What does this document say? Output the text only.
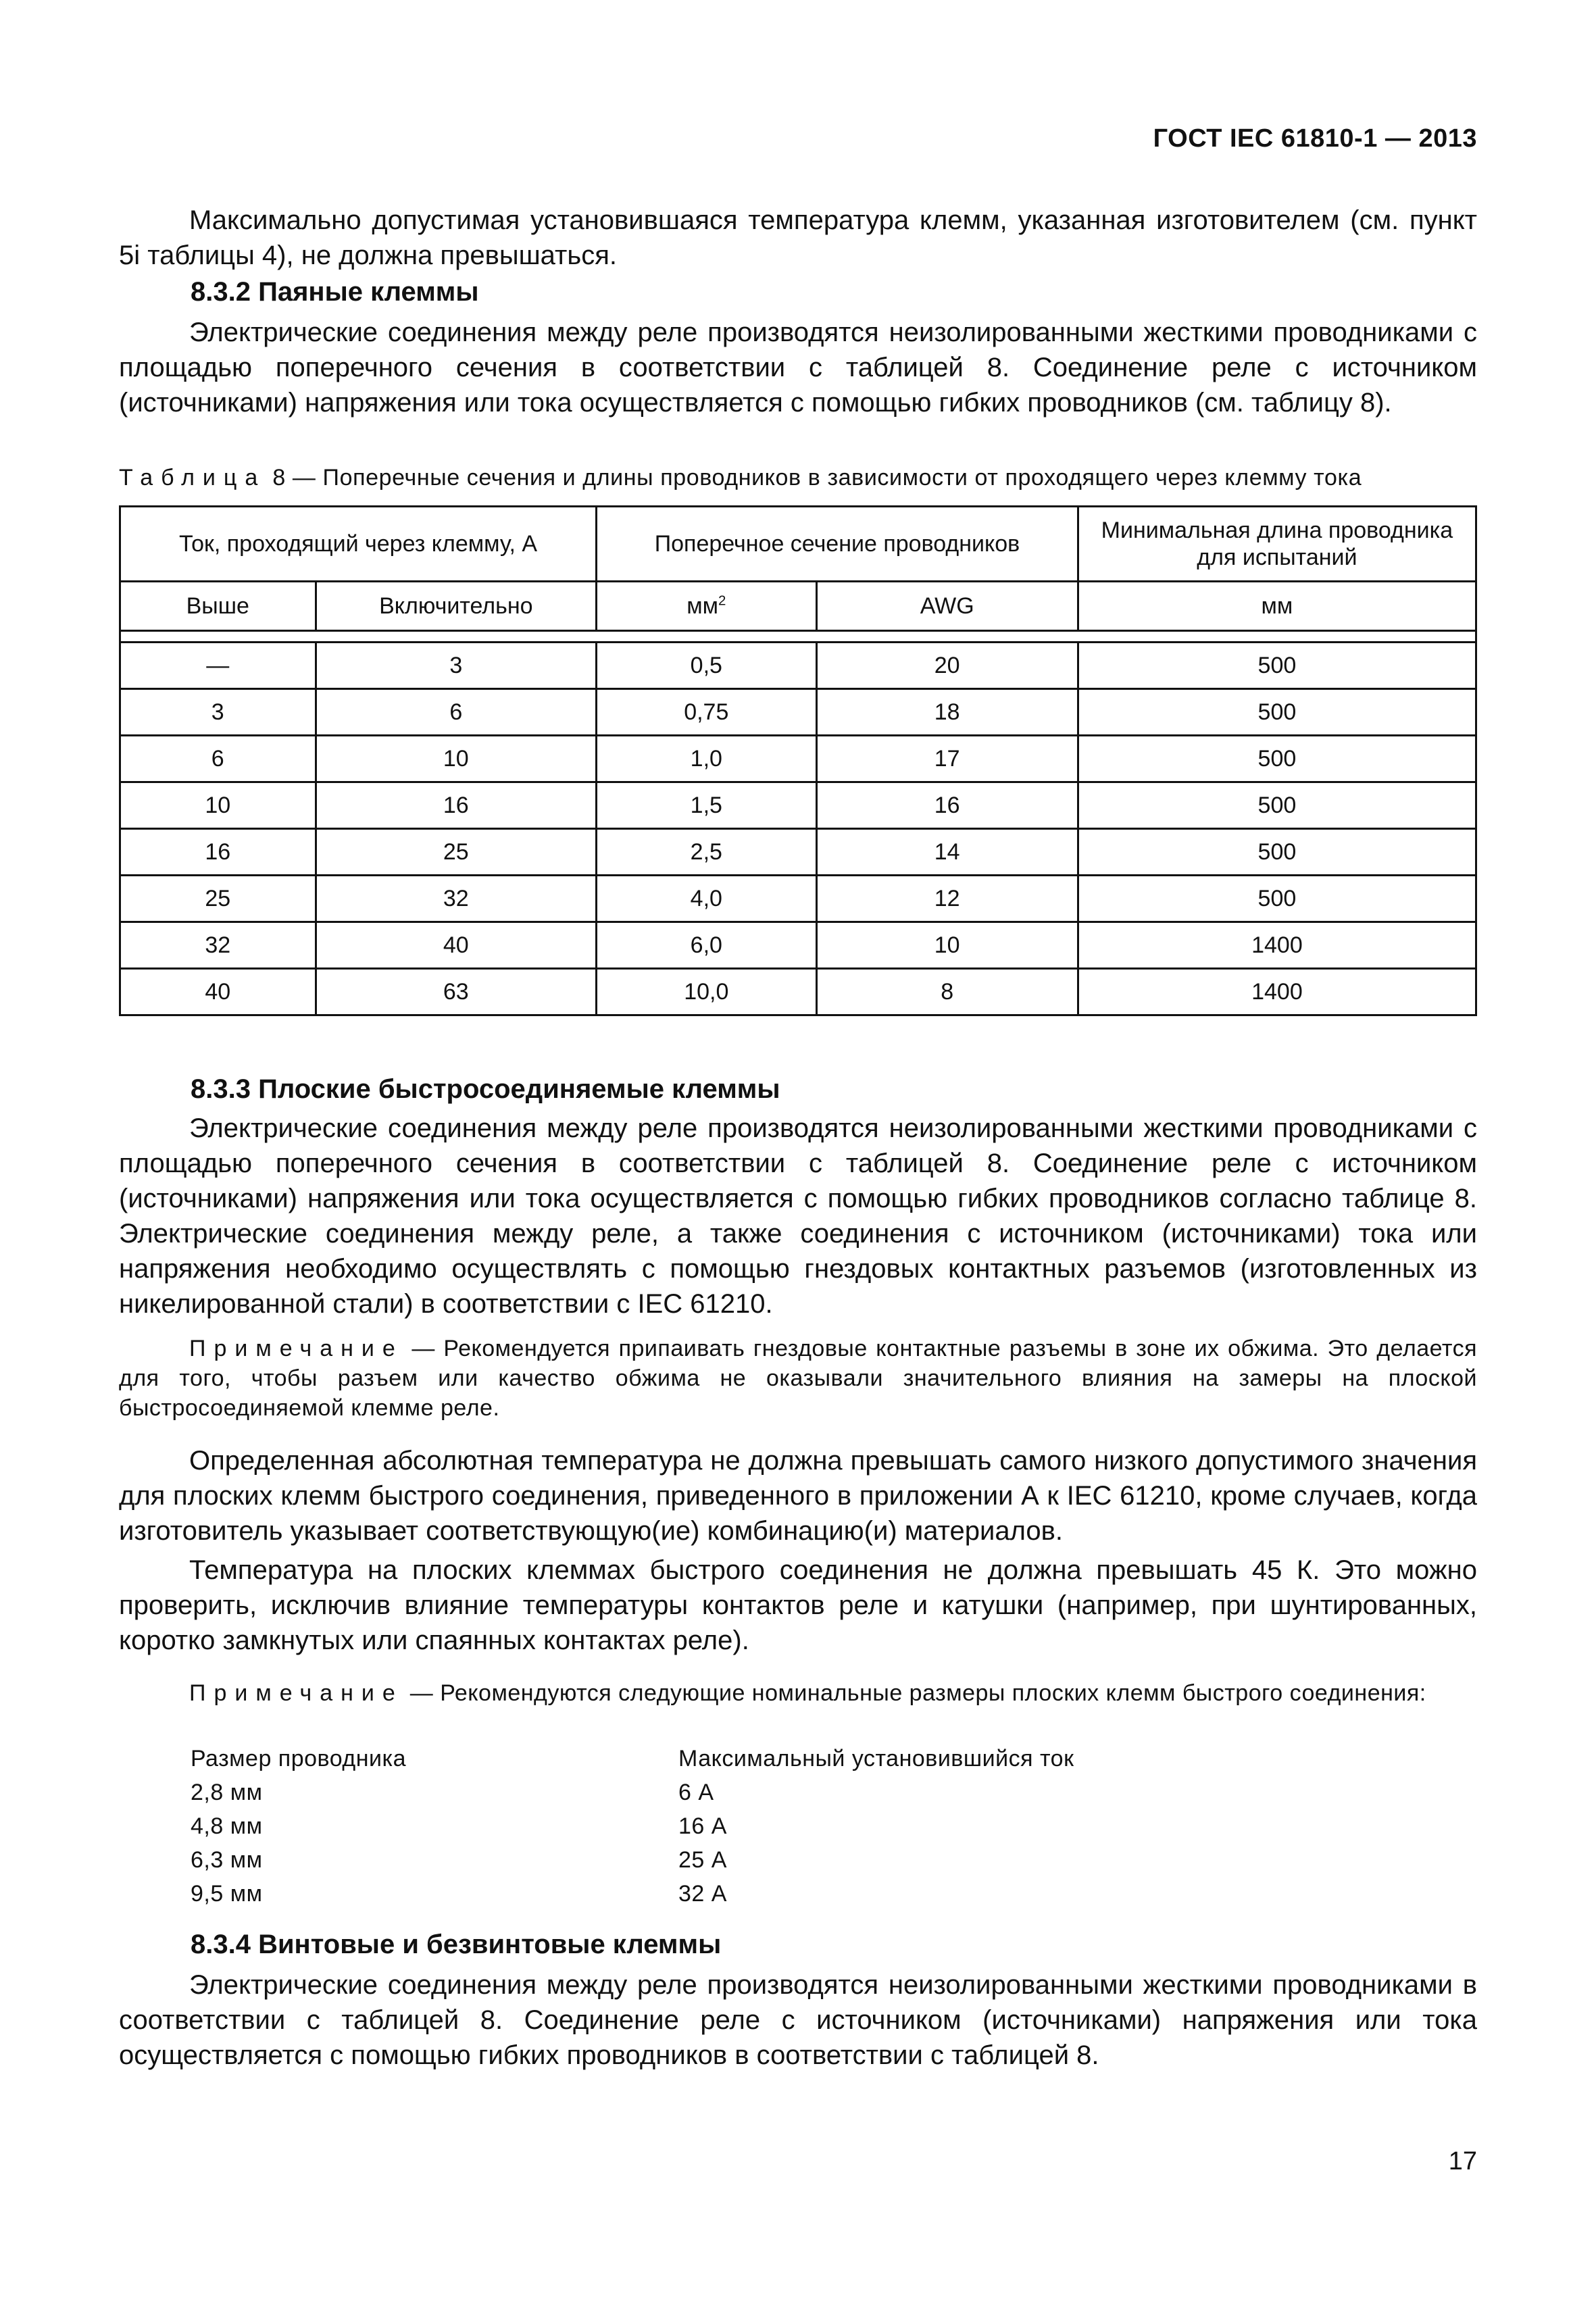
ГОСТ IEC 61810-1 — 2013
Максимально допустимая установившаяся температура клемм, указанная изготовителем (см. пункт 5i таблицы 4), не должна превышаться.
8.3.2 Паяные клеммы
Электрические соединения между реле производятся неизолированными жесткими проводниками с площадью поперечного сечения в соответствии с таблицей 8. Соединение реле с источником (источниками) напряжения или тока осуществляется с помощью гибких проводников (см. таблицу 8).
Таблица 8 — Поперечные сечения и длины проводников в зависимости от проходящего через клемму тока
Ток, проходящий через клемму, А		Поперечное сечение проводников		Минимальная длина проводника для испытаний
Выше	Включительно	$мм^2$	AWG	мм

—	3	0,5	20	500
3	6	0,75	18	500
6	10	1,0	17	500
10	16	1,5	16	500
16	25	2,5	14	500
25	32	4,0	12	500
32	40	6,0	10	1400
40	63	10,0	8	1400
8.3.3 Плоские быстросоединяемые клеммы
Электрические соединения между реле производятся неизолированными жесткими проводниками с площадью поперечного сечения в соответствии с таблицей 8. Соединение реле с источником (источниками) напряжения или тока осуществляется с помощью гибких проводников согласно таблице 8. Электрические соединения между реле, а также соединения с источником (источниками) тока или напряжения необходимо осуществлять с помощью гнездовых контактных разъемов (изготовленных из никелированной стали) в соответствии с IEC 61210.
Примечание — Рекомендуется припаивать гнездовые контактные разъемы в зоне их обжима. Это делается для того, чтобы разъем или качество обжима не оказывали значительного влияния на замеры на плоской быстросоединяемой клемме реле.
Определенная абсолютная температура не должна превышать самого низкого допустимого значения для плоских клемм быстрого соединения, приведенного в приложении А к IEC 61210, кроме случаев, когда изготовитель указывает соответствующую(ие) комбинацию(и) материалов.
Температура на плоских клеммах быстрого соединения не должна превышать 45 К. Это можно проверить, исключив влияние температуры контактов реле и катушки (например, при шунтированных, коротко замкнутых или спаянных контактах реле).
Примечание — Рекомендуются следующие номинальные размеры плоских клемм быстрого соединения:
Размер проводника	Максимальный установившийся ток
2,8 мм	6 А
4,8 мм	16 А
6,3 мм	25 А
9,5 мм	32 А
8.3.4 Винтовые и безвинтовые клеммы
Электрические соединения между реле производятся неизолированными жесткими проводниками в соответствии с таблицей 8. Соединение реле с источником (источниками) напряжения или тока осуществляется с помощью гибких проводников в соответствии с таблицей 8.
17
